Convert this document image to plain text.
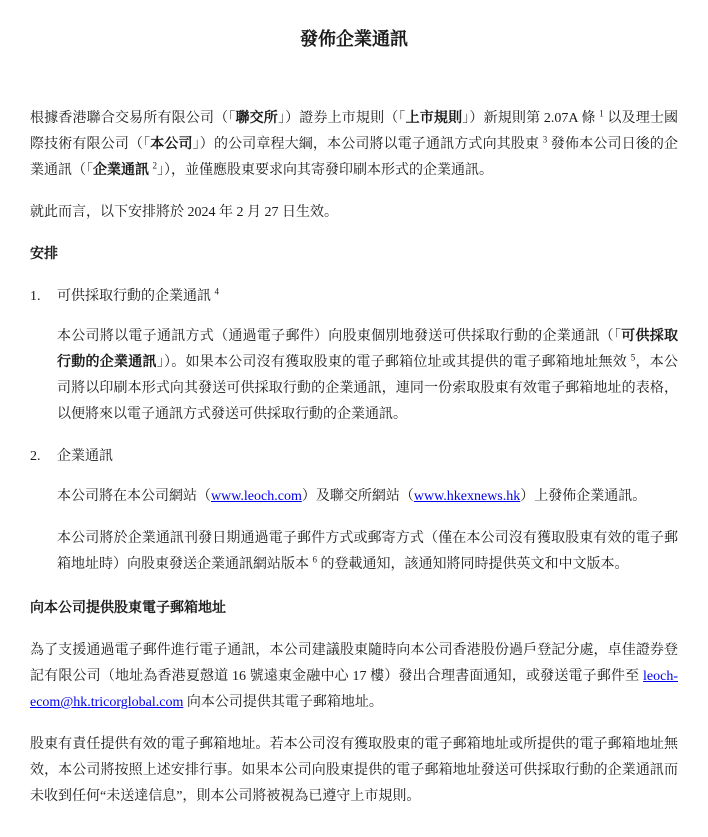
發佈企業通訊
根據香港聯合交易所有限公司（「聯交所」）證券上市規則（「上市規則」）新規則第 2.07A 條 $^1$ 以及理士國際技術有限公司（「本公司」）的公司章程大綱，本公司將以電子通訊方式向其股東 $^3$ 發佈本公司日後的企業通訊（「企業通訊 $^2$」），並僅應股東要求向其寄發印刷本形式的企業通訊。
就此而言，以下安排將於 2024 年 2 月 27 日生效。
安排
1.	可供採取行動的企業通訊 $^4$
本公司將以電子通訊方式（通過電子郵件）向股東個別地發送可供採取行動的企業通訊（「可供採取行動的企業通訊」）。如果本公司沒有獲取股東的電子郵箱位址或其提供的電子郵箱地址無效 $^5$，本公司將以印刷本形式向其發送可供採取行動的企業通訊，連同一份索取股東有效電子郵箱地址的表格，以便將來以電子通訊方式發送可供採取行動的企業通訊。
2.	企業通訊
本公司將在本公司網站（www.leoch.com）及聯交所網站（www.hkexnews.hk）上發佈企業通訊。
本公司將於企業通訊刊發日期通過電子郵件方式或郵寄方式（僅在本公司沒有獲取股東有效的電子郵箱地址時）向股東發送企業通訊網站版本 $^6$ 的登載通知，該通知將同時提供英文和中文版本。
向本公司提供股東電子郵箱地址
為了支援通過電子郵件進行電子通訊，本公司建議股東隨時向本公司香港股份過戶登記分處，卓佳證券登記有限公司（地址為香港夏慤道 16 號遠東金融中心 17 樓）發出合理書面通知，或發送電子郵件至 leoch-ecom@hk.tricorglobal.com 向本公司提供其電子郵箱地址。
股東有責任提供有效的電子郵箱地址。若本公司沒有獲取股東的電子郵箱地址或所提供的電子郵箱地址無效，本公司將按照上述安排行事。如果本公司向股東提供的電子郵箱地址發送可供採取行動的企業通訊而未收到任何“未送達信息”，則本公司將被視為已遵守上市規則。
